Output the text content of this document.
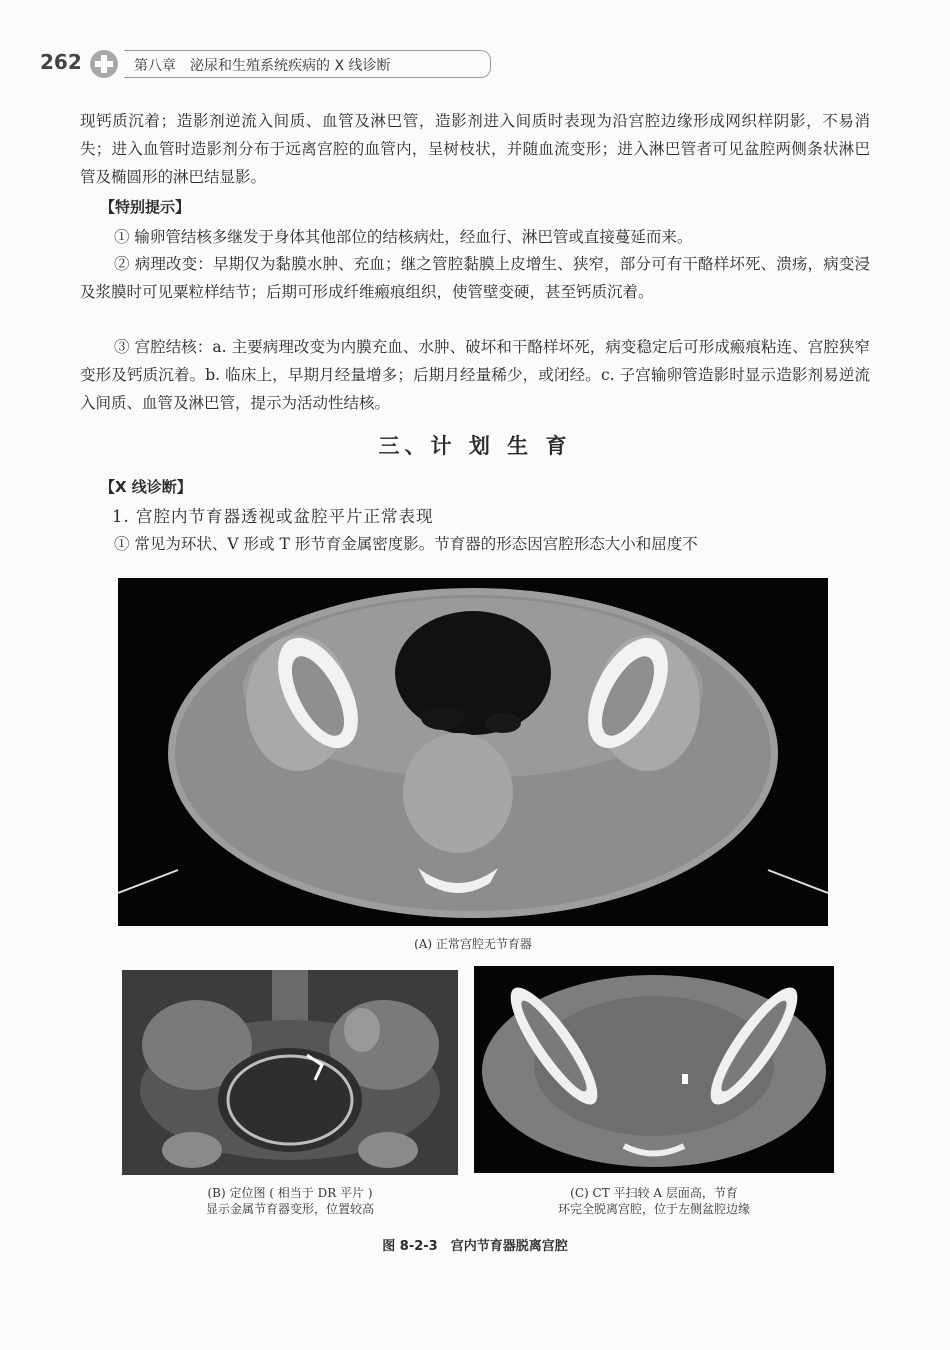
262	第八章　泌尿和生殖系统疾病的 X 线诊断

现钙质沉着；造影剂逆流入间质、血管及淋巴管，造影剂进入间质时表现为沿宫腔边缘形成网织样阴影，不易消失；进入血管时造影剂分布于远离宫腔的血管内，呈树枝状，并随血流变形；进入淋巴管者可见盆腔两侧条状淋巴管及椭圆形的淋巴结显影。

【特别提示】

① 输卵管结核多继发于身体其他部位的结核病灶，经血行、淋巴管或直接蔓延而来。

② 病理改变：早期仅为黏膜水肿、充血；继之管腔黏膜上皮增生、狭窄，部分可有干酪样坏死、溃疡，病变浸及浆膜时可见粟粒样结节；后期可形成纤维瘢痕组织，使管壁变硬，甚至钙质沉着。

③ 宫腔结核：a. 主要病理改变为内膜充血、水肿、破坏和干酪样坏死，病变稳定后可形成瘢痕粘连、宫腔狭窄变形及钙质沉着。b. 临床上，早期月经量增多；后期月经量稀少，或闭经。c. 子宫输卵管造影时显示造影剂易逆流入间质、血管及淋巴管，提示为活动性结核。

三、计 划 生 育

【X 线诊断】

1. 宫腔内节育器透视或盆腔平片正常表现

① 常见为环状、V 形或 T 形节育金属密度影。节育器的形态因宫腔形态大小和屈度不

(A) 正常宫腔无节育器

(B) 定位图 ( 相当于 DR 平片 )

显示金属节育器变形，位置较高

(C) CT 平扫较 A 层面高，节育

环完全脱离宫腔，位于左侧盆腔边缘

图 8-2-3　宫内节育器脱离宫腔
